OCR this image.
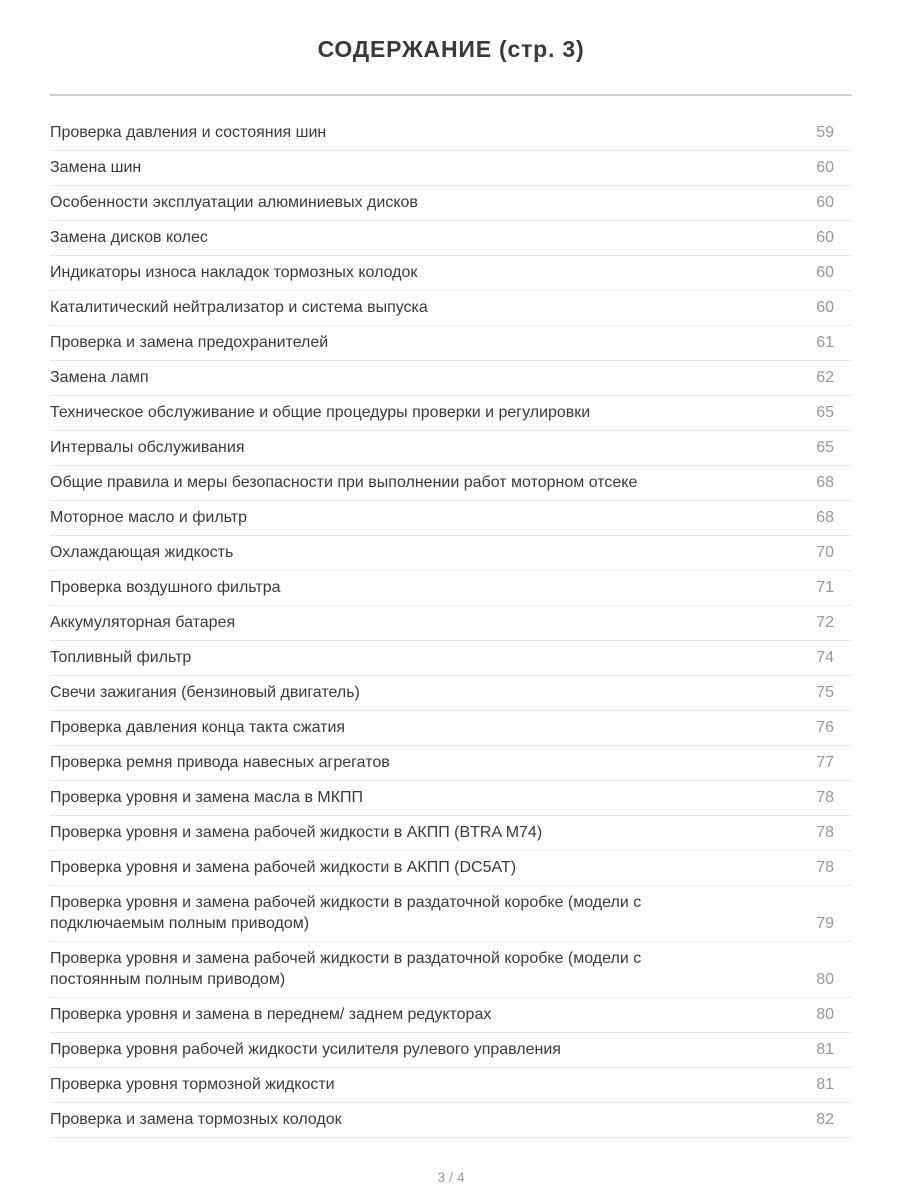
СОДЕРЖАНИЕ (стр. 3)
Проверка давления и состояния шин	59
Замена шин	60
Особенности эксплуатации алюминиевых дисков	60
Замена дисков колес	60
Индикаторы износа накладок тормозных колодок	60
Каталитический нейтрализатор и система выпуска	60
Проверка и замена предохранителей	61
Замена ламп	62
Техническое обслуживание и общие процедуры проверки и регулировки	65
Интервалы обслуживания	65
Общие правила и меры безопасности при выполнении работ моторном отсеке	68
Моторное масло и фильтр	68
Охлаждающая жидкость	70
Проверка воздушного фильтра	71
Аккумуляторная батарея	72
Топливный фильтр	74
Свечи зажигания (бензиновый двигатель)	75
Проверка давления конца такта сжатия	76
Проверка ремня привода навесных агрегатов	77
Проверка уровня и замена масла в МКПП	78
Проверка уровня и замена рабочей жидкости в АКПП (BTRA M74)	78
Проверка уровня и замена рабочей жидкости в АКПП (DC5AT)	78
Проверка уровня и замена рабочей жидкости в раздаточной коробке (модели с подключаемым полным приводом)	79
Проверка уровня и замена рабочей жидкости в раздаточной коробке (модели с постоянным полным приводом)	80
Проверка уровня и замена в переднем/ заднем редукторах	80
Проверка уровня рабочей жидкости усилителя рулевого управления	81
Проверка уровня тормозной жидкости	81
Проверка и замена тормозных колодок	82
3 / 4
